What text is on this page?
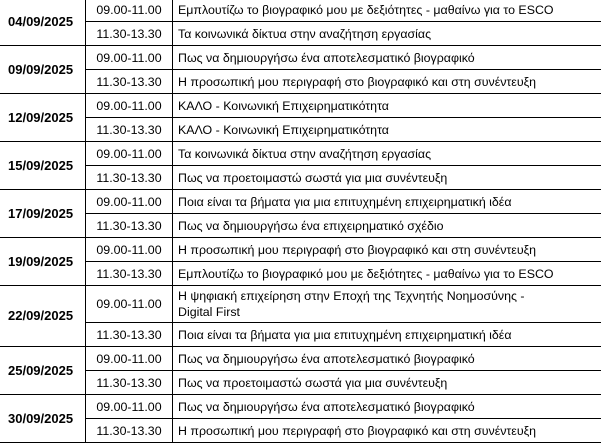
04/09/2025	09.00-11.00	Εμπλουτίζω το βιογραφικό μου με δεξιότητες - μαθαίνω για το ESCO
	11.30-13.30	Τα κοινωνικά δίκτυα στην αναζήτηση εργασίας
09/09/2025	09.00-11.00	Πως να δημιουργήσω ένα αποτελεσματικό βιογραφικό
	11.30-13.30	Η προσωπική μου περιγραφή στο βιογραφικό και στη συνέντευξη
12/09/2025	09.00-11.00	ΚΑΛΟ - Κοινωνική Επιχειρηματικότητα
	11.30-13.30	ΚΑΛΟ - Κοινωνική Επιχειρηματικότητα
15/09/2025	09.00-11.00	Τα κοινωνικά δίκτυα στην αναζήτηση εργασίας
	11.30-13.30	Πως να προετοιμαστώ σωστά για μια συνέντευξη
17/09/2025	09.00-11.00	Ποια είναι τα βήματα για μια επιτυχημένη επιχειρηματική ιδέα
	11.30-13.30	Πως να δημιουργήσω ένα επιχειρηματικό σχέδιο
19/09/2025	09.00-11.00	Η προσωπική μου περιγραφή στο βιογραφικό και στη συνέντευξη
	11.30-13.30	Εμπλουτίζω το βιογραφικό μου με δεξιότητες - μαθαίνω για το ESCO
22/09/2025	09.00-11.00	Η ψηφιακή επιχείρηση στην Εποχή της Τεχνητής Νοημοσύνης -
Digital First

	11.30-13.30	Ποια είναι τα βήματα για μια επιτυχημένη επιχειρηματική ιδέα
25/09/2025	09.00-11.00	Πως να δημιουργήσω ένα αποτελεσματικό βιογραφικό
	11.30-13.30	Πως να προετοιμαστώ σωστά για μια συνέντευξη
30/09/2025	09.00-11.00	Πως να δημιουργήσω ένα αποτελεσματικό βιογραφικό
	11.30-13.30	Η προσωπική μου περιγραφή στο βιογραφικό και στη συνέντευξη
